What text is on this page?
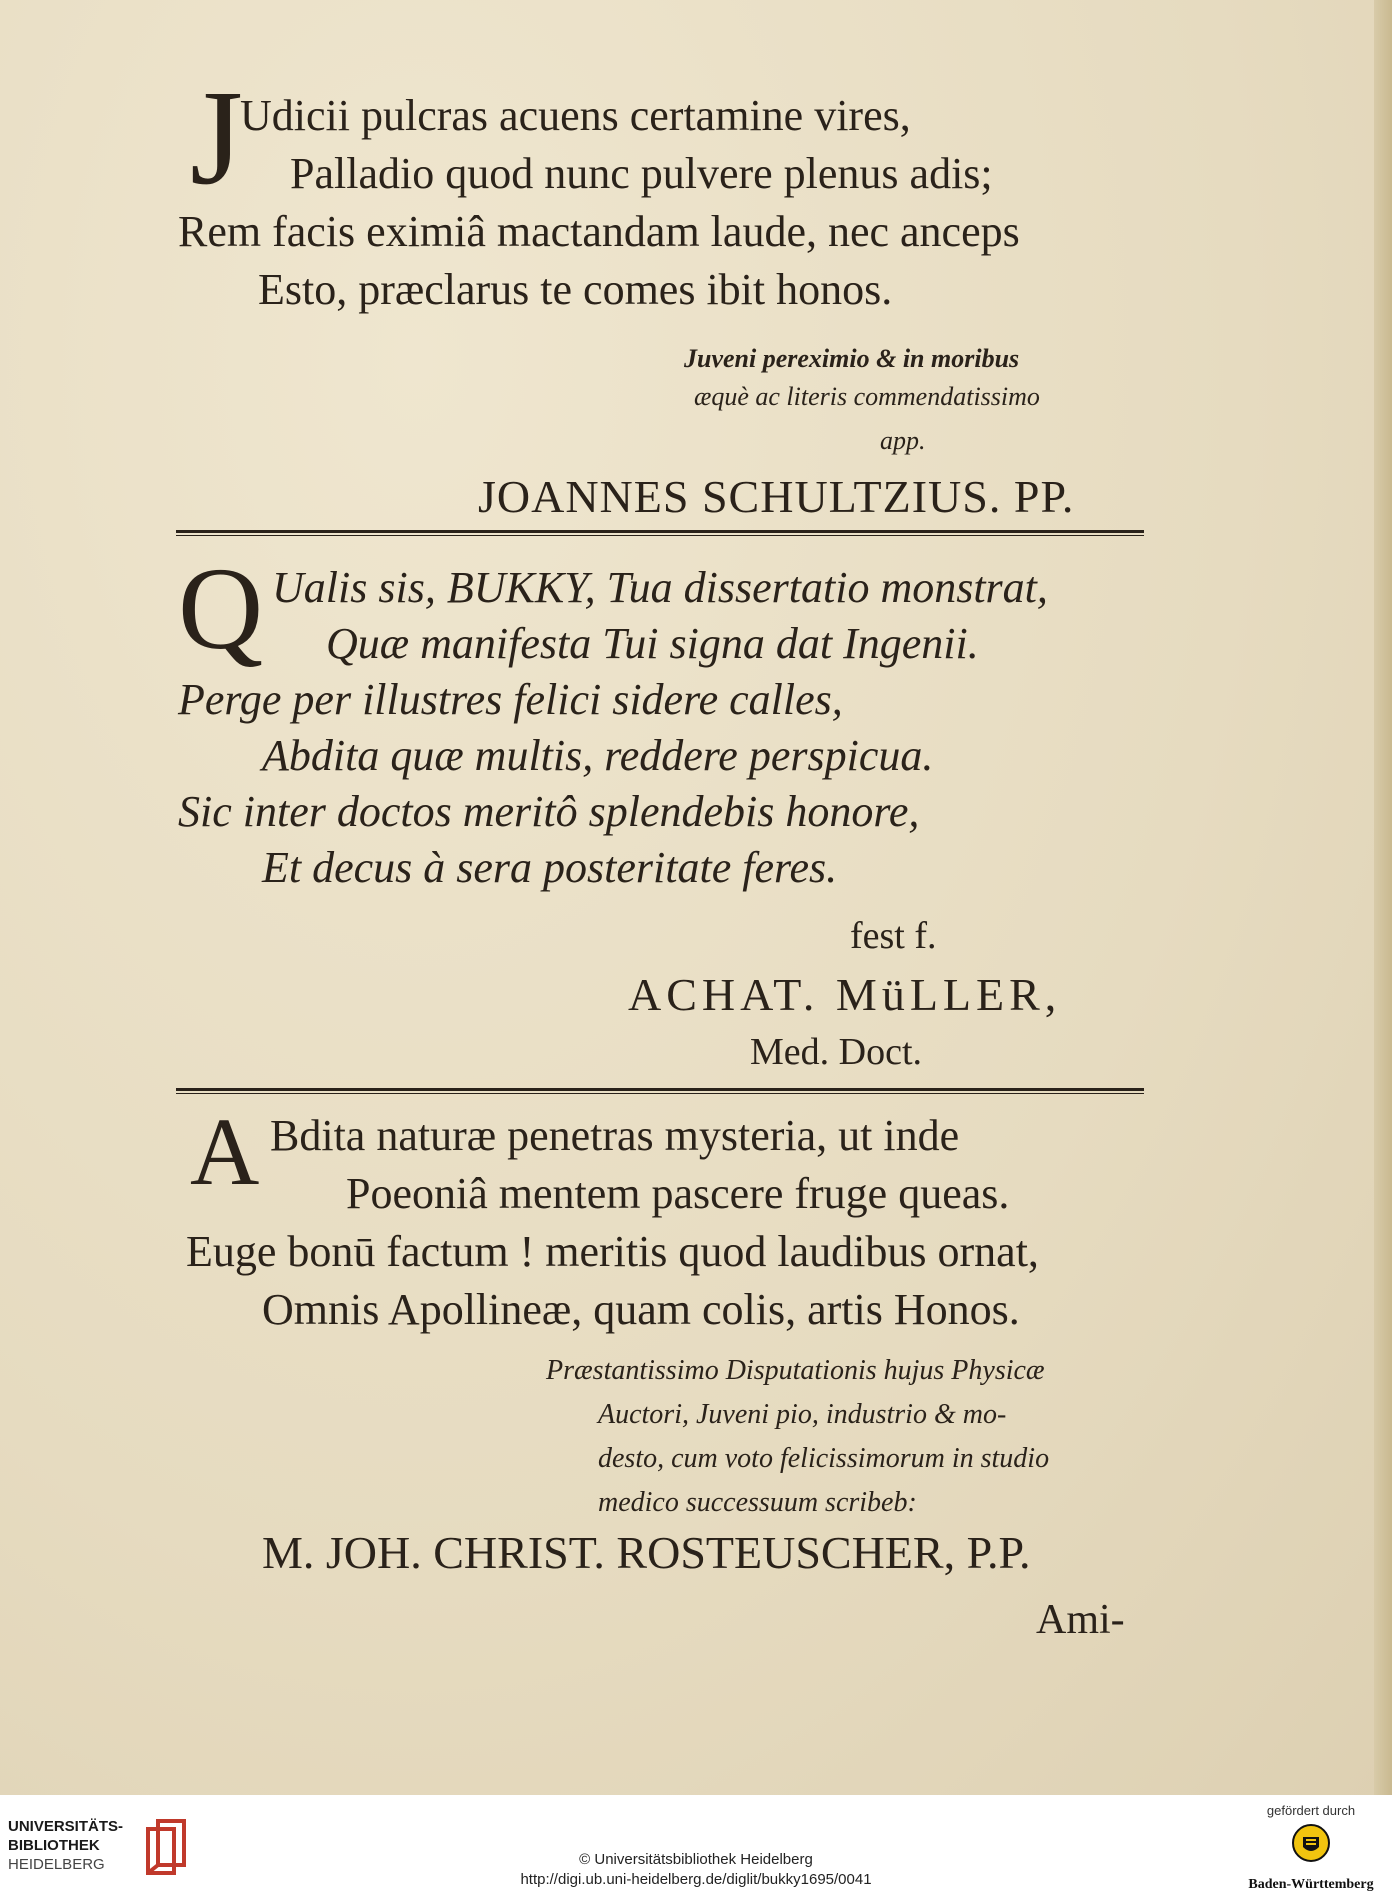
J
Udicii pulcras acuens certamine vires,
Palladio quod nunc pulvere plenus adis;
Rem facis eximiâ mactandam laude, nec anceps
Esto, præclarus te comes ibit honos.
Juveni pereximio & in moribus
æquè ac literis commendatissimo
app.
JOANNES SCHULTZIUS. PP.
Q Ualis sis, BUKKY, Tua dissertatio monstrat,
Quæ manifesta Tui signa dat Ingenii.
Perge per illustres felici sidere calles,
Abdita quæ multis, reddere perspicua.
Sic inter doctos meritô splendebis honore,
Et decus à sera posteritate feres.
fest f.
ACHAT. MüLLER,
Med. Doct.
A Bdita naturæ penetras mysteria, ut inde
Poeoniâ mentem pascere fruge queas.
Euge bonū factum ! meritis quod laudibus ornat,
Omnis Apollineæ, quam colis, artis Honos.
Præstantissimo Disputationis hujus Physicæ
Auctori, Juveni pio, industrio & mo-
desto, cum voto felicissimorum in studio
medico successuum scribeb:
M. JOH. CHRIST. ROSTEUSCHER, P.P.
Ami-
UNIVERSITÄTS-
BIBLIOTHEK
HEIDELBERG	© Universitätsbibliothek Heidelberg
http://digi.ub.uni-heidelberg.de/diglit/bukky1695/0041
gefördert durch
Baden-Württemberg
